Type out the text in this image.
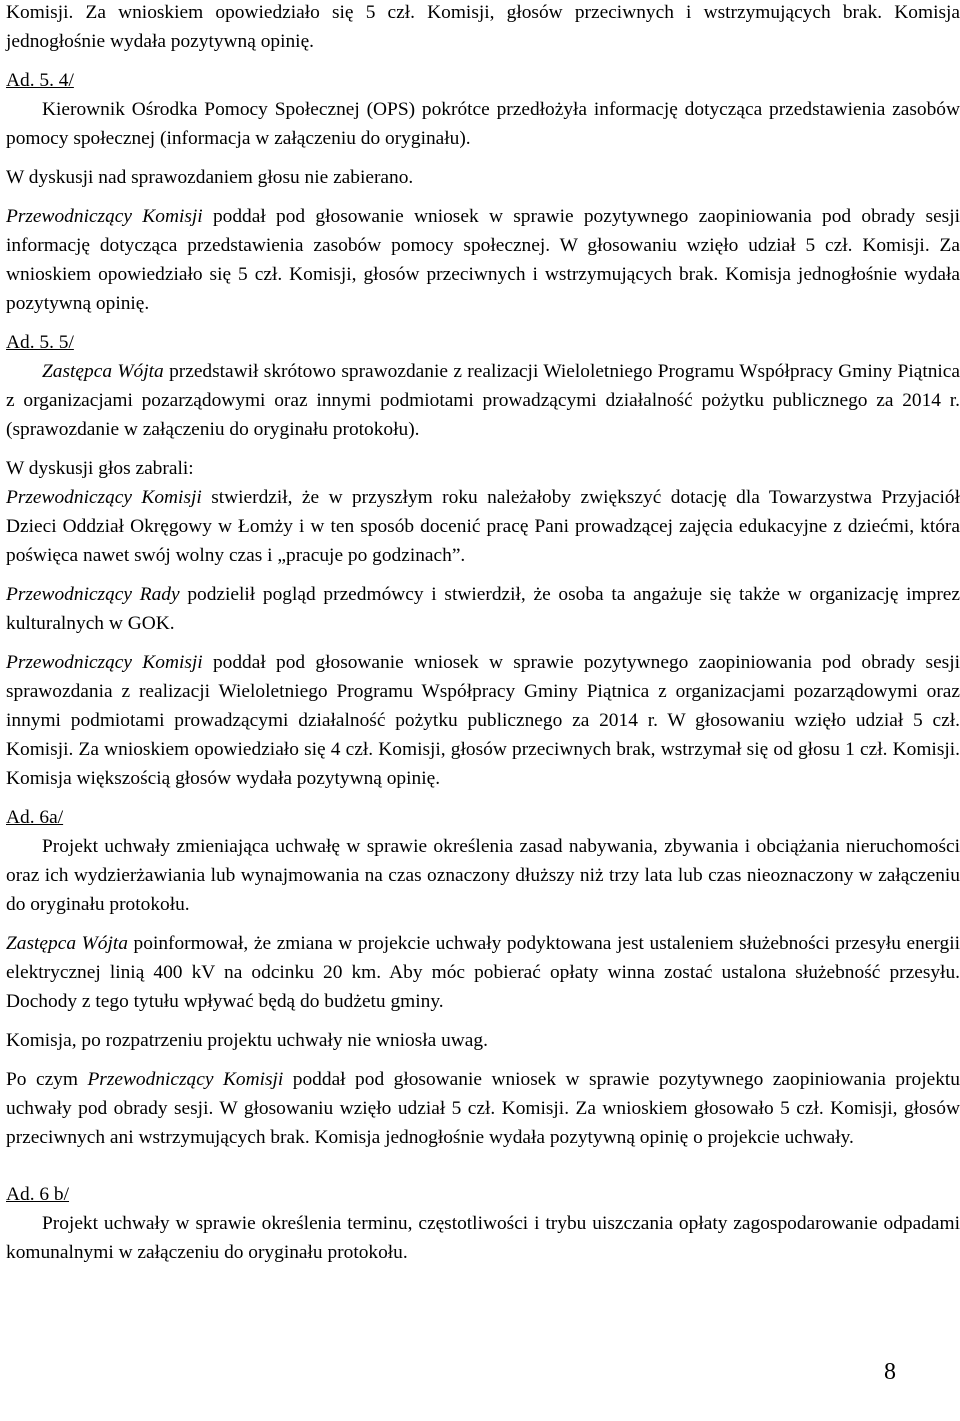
Komisji. Za wnioskiem opowiedziało się 5 czł. Komisji, głosów przeciwnych i wstrzymujących brak. Komisja jednogłośnie wydała pozytywną opinię.

Ad. 5. 4/

Kierownik Ośrodka Pomocy Społecznej (OPS) pokrótce przedłożyła informację dotycząca przedstawienia zasobów pomocy społecznej (informacja w załączeniu do oryginału).

W dyskusji nad sprawozdaniem głosu nie zabierano.

Przewodniczący Komisji poddał pod głosowanie wniosek w sprawie pozytywnego zaopiniowania pod obrady sesji informację dotycząca przedstawienia zasobów pomocy społecznej. W głosowaniu wzięło udział 5 czł. Komisji. Za wnioskiem opowiedziało się 5 czł. Komisji, głosów przeciwnych i wstrzymujących brak. Komisja jednogłośnie wydała pozytywną opinię.

Ad. 5. 5/

Zastępca Wójta przedstawił skrótowo sprawozdanie z realizacji Wieloletniego Programu Współpracy Gminy Piątnica z organizacjami pozarządowymi oraz innymi podmiotami prowadzącymi działalność pożytku publicznego za 2014 r. (sprawozdanie w załączeniu do oryginału protokołu).

W dyskusji głos zabrali:

Przewodniczący Komisji stwierdził, że w przyszłym roku należałoby zwiększyć dotację dla Towarzystwa Przyjaciół Dzieci Oddział Okręgowy w Łomży i w ten sposób docenić pracę Pani prowadzącej zajęcia edukacyjne z dziećmi, która poświęca nawet swój wolny czas i „pracuje po godzinach”.

Przewodniczący Rady podzielił pogląd przedmówcy i stwierdził, że osoba ta angażuje się także w organizację imprez kulturalnych w GOK.

Przewodniczący Komisji poddał pod głosowanie wniosek w sprawie pozytywnego zaopiniowania pod obrady sesji sprawozdania z realizacji Wieloletniego Programu Współpracy Gminy Piątnica z organizacjami pozarządowymi oraz innymi podmiotami prowadzącymi działalność pożytku publicznego za 2014 r. W głosowaniu wzięło udział 5 czł. Komisji. Za wnioskiem opowiedziało się 4 czł. Komisji, głosów przeciwnych brak, wstrzymał się od głosu 1 czł. Komisji. Komisja większością głosów wydała pozytywną opinię.

Ad. 6a/

Projekt uchwały zmieniająca uchwałę w sprawie określenia zasad nabywania, zbywania i obciążania nieruchomości oraz ich wydzierżawiania lub wynajmowania na czas oznaczony dłuższy niż trzy lata lub czas nieoznaczony w załączeniu do oryginału protokołu.

Zastępca Wójta poinformował, że zmiana w projekcie uchwały podyktowana jest ustaleniem służebności przesyłu energii elektrycznej linią 400 kV na odcinku 20 km. Aby móc pobierać opłaty winna zostać ustalona służebność przesyłu. Dochody z tego tytułu wpływać będą do budżetu gminy.

Komisja, po rozpatrzeniu projektu uchwały nie wniosła uwag.

Po czym Przewodniczący Komisji poddał pod głosowanie wniosek w sprawie pozytywnego zaopiniowania projektu uchwały pod obrady sesji. W głosowaniu wzięło udział 5 czł. Komisji. Za wnioskiem głosowało 5 czł. Komisji, głosów przeciwnych ani wstrzymujących brak. Komisja jednogłośnie wydała pozytywną opinię o projekcie uchwały.

Ad. 6 b/

Projekt uchwały w sprawie określenia terminu, częstotliwości i trybu uiszczania opłaty zagospodarowanie odpadami komunalnymi w załączeniu do oryginału protokołu.

8
